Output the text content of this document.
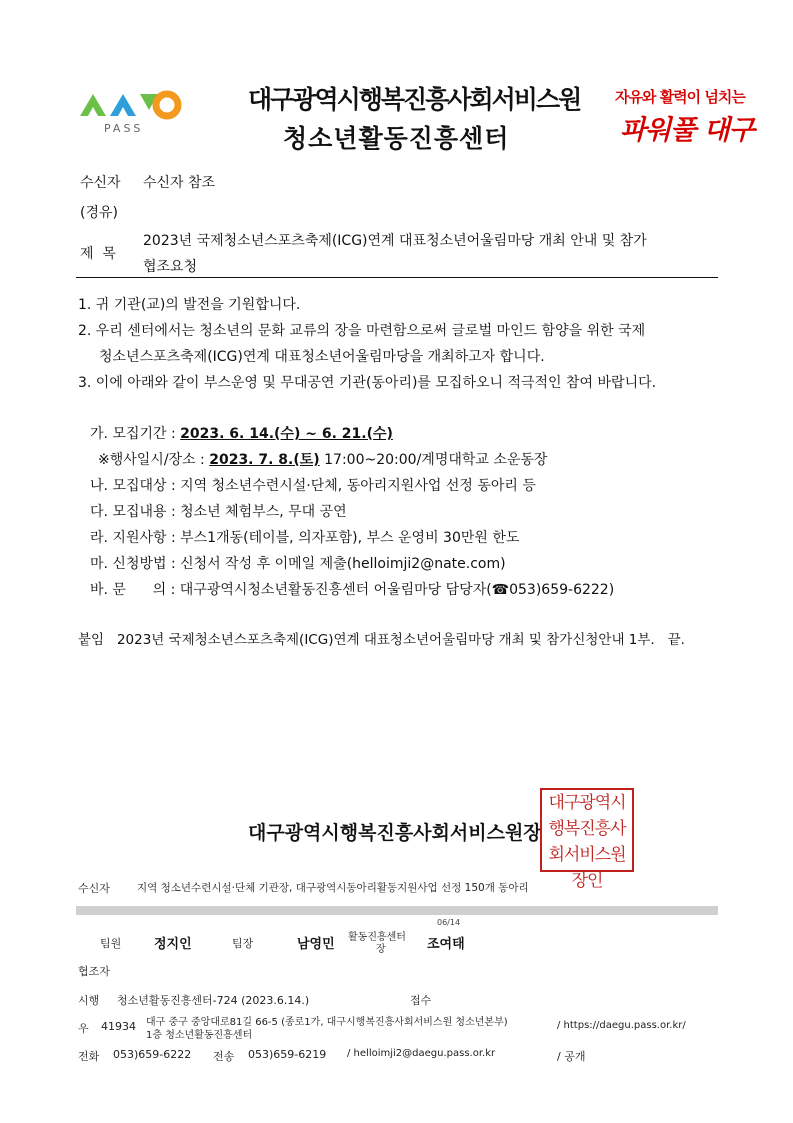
PASS
대구광역시행복진흥사회서비스원
청소년활동진흥센터
자유와 활력이 넘치는
파워풀 대구
수신자 수신자 참조
(경유)
제  목
2023년 국제청소년스포츠축제(ICG)연계 대표청소년어울림마당 개최 안내 및 참가
협조요청
1. 귀 기관(교)의 발전을 기원합니다.
2. 우리 센터에서는 청소년의 문화 교류의 장을 마련함으로써 글로벌 마인드 함양을 위한 국제
청소년스포츠축제(ICG)연계 대표청소년어울림마당을 개최하고자 합니다.
3. 이에 아래와 같이 부스운영 및 무대공연 기관(동아리)를 모집하오니 적극적인 참여 바랍니다.
가. 모집기간 : 2023. 6. 14.(수) ~ 6. 21.(수)
※행사일시/장소 : 2023. 7. 8.(토) 17:00~20:00/계명대학교 소운동장
나. 모집대상 : 지역 청소년수련시설·단체, 동아리지원사업 선정 동아리 등
다. 모집내용 : 청소년 체험부스, 무대 공연
라. 지원사항 : 부스1개동(테이블, 의자포함), 부스 운영비 30만원 한도
마. 신청방법 : 신청서 작성 후 이메일 제출(helloimji2@nate.com)
바. 문      의 : 대구광역시청소년활동진흥센터 어울림마당 담당자(☎053)659-6222)
붙임   2023년 국제청소년스포츠축제(ICG)연계 대표청소년어울림마당 개최 및 참가신청안내 1부.   끝.
대구광역시행복진흥사회서비스원장
대구광역시행복진흥사회서비스원장인
수신자	지역 청소년수련시설·단체 기관장, 대구광역시동아리활동지원사업 선정 150개 동아리
06/14
팀원	정지인	팀장	남영민 활동진흥센터
장	조여태
협조자
시행 청소년활동진흥센터-724 (2023.6.14.)	접수
우 41934 대구 중구 중앙대로81길 66-5 (종로1가, 대구시행복진흥사회서비스원 청소년본부)
1층 청소년활동진흥센터
/ https://daegu.pass.or.kr/
전화 053)659-6222 전송 053)659-6219 / helloimji2@daegu.pass.or.kr	/ 공개
